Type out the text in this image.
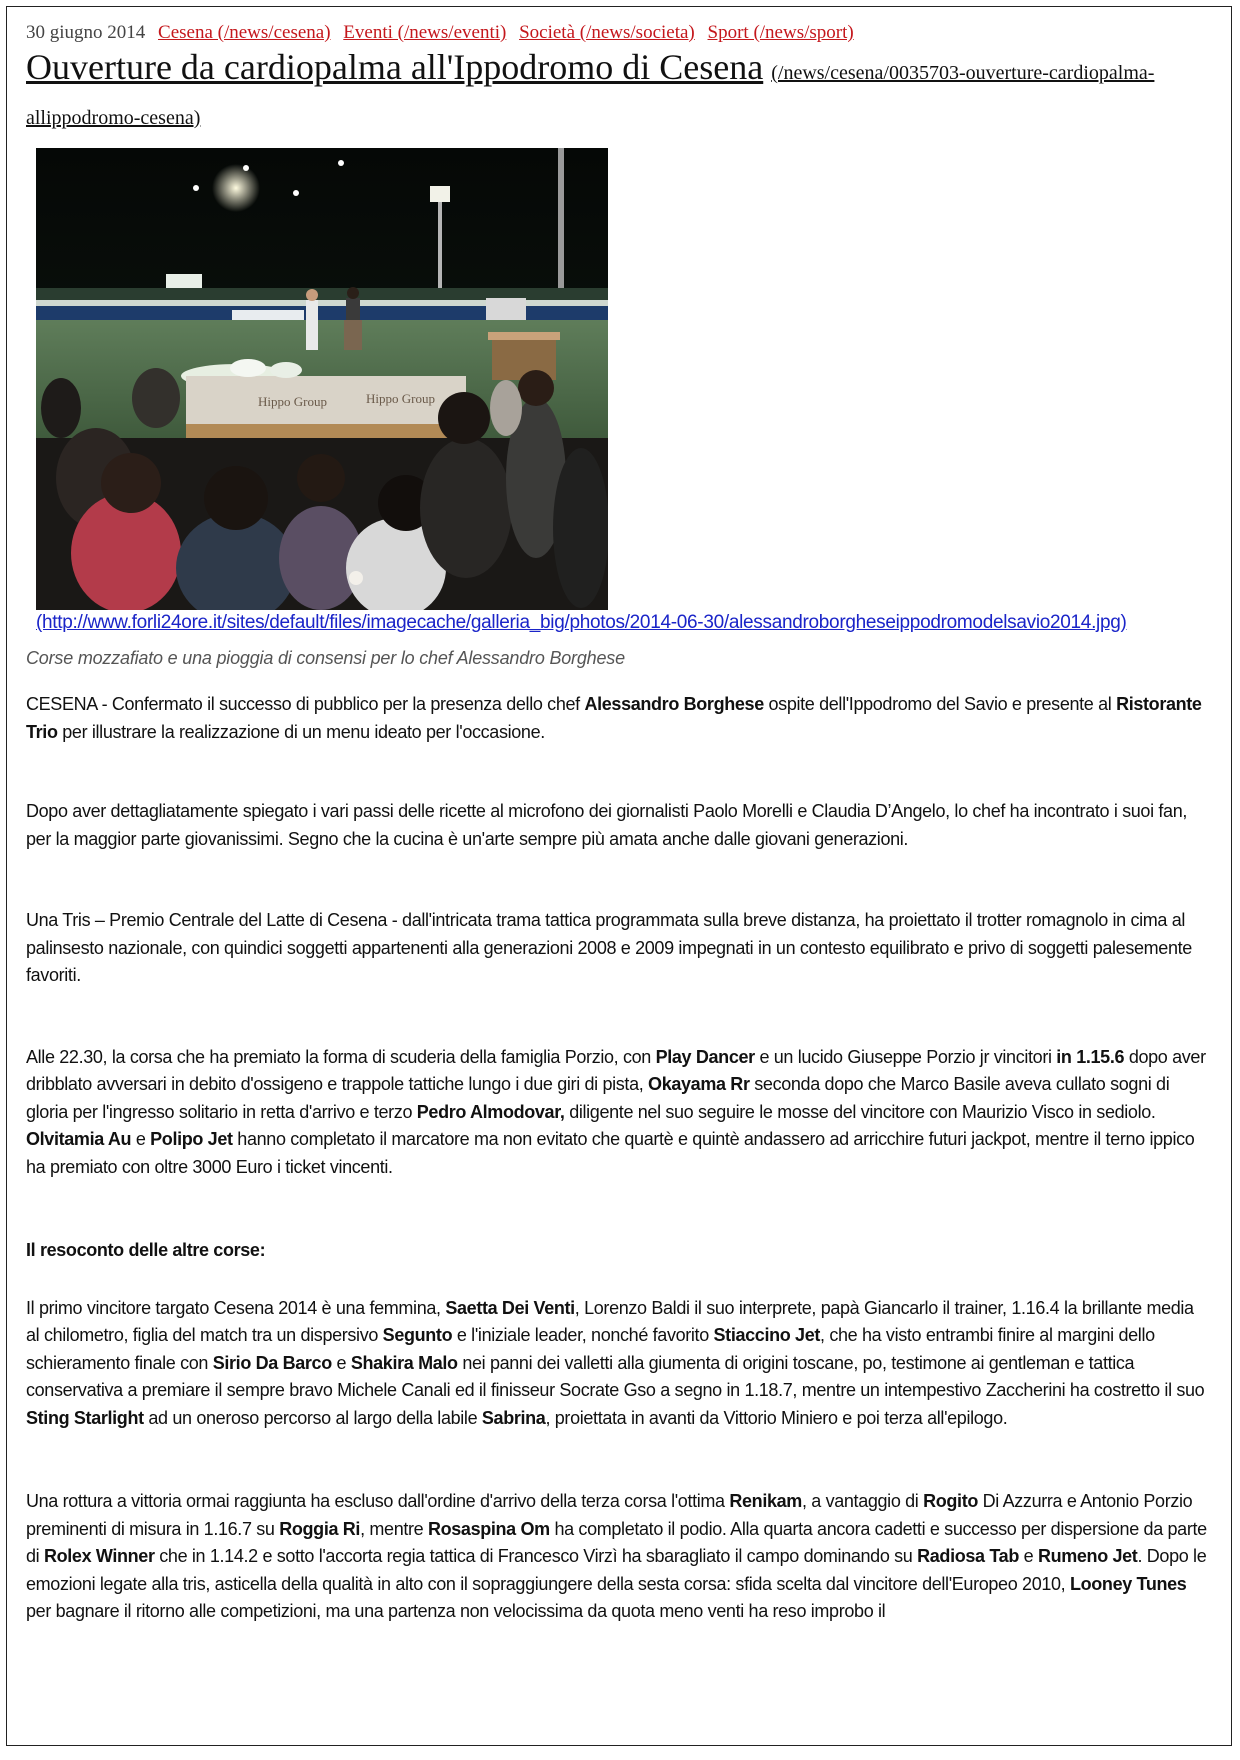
30 giugno 2014 Cesena (/news/cesena) Eventi (/news/eventi) Società (/news/societa) Sport (/news/sport)
Ouverture da cardiopalma all'Ippodromo di Cesena (/news/cesena/0035703-ouverture-cardiopalma-allippodromo-cesena)
Hippo Group	Hippo Group
(http://www.forli24ore.it/sites/default/files/imagecache/galleria_big/photos/2014-06-30/alessandroborgheseippodromodelsavio2014.jpg)
Corse mozzafiato e una pioggia di consensi per lo chef Alessandro Borghese

CESENA - Confermato il successo di pubblico per la presenza dello chef Alessandro Borghese ospite dell'Ippodromo del Savio e presente al Ristorante Trio per illustrare la realizzazione di un menu ideato per l'occasione.

Dopo aver dettagliatamente spiegato i vari passi delle ricette al microfono dei giornalisti Paolo Morelli e Claudia D’Angelo, lo chef ha incontrato i suoi fan, per la maggior parte giovanissimi. Segno che la cucina è un'arte sempre più amata anche dalle giovani generazioni.

Una Tris – Premio Centrale del Latte di Cesena - dall'intricata trama tattica programmata sulla breve distanza, ha proiettato il trotter romagnolo in cima al palinsesto nazionale, con quindici soggetti appartenenti alla generazioni 2008 e 2009 impegnati in un contesto equilibrato e privo di soggetti palesemente favoriti.

Alle 22.30, la corsa che ha premiato la forma di scuderia della famiglia Porzio, con Play Dancer e un lucido Giuseppe Porzio jr vincitori in 1.15.6 dopo aver dribblato avversari in debito d'ossigeno e trappole tattiche lungo i due giri di pista, Okayama Rr seconda dopo che Marco Basile aveva cullato sogni di gloria per l'ingresso solitario in retta d'arrivo e terzo Pedro Almodovar, diligente nel suo seguire le mosse del vincitore con Maurizio Visco in sediolo. Olvitamia Au e Polipo Jet hanno completato il marcatore ma non evitato che quartè e quintè andassero ad arricchire futuri jackpot, mentre il terno ippico ha premiato con oltre 3000 Euro i ticket vincenti.

Il resoconto delle altre corse:

Il primo vincitore targato Cesena 2014 è una femmina, Saetta Dei Venti, Lorenzo Baldi il suo interprete, papà Giancarlo il trainer, 1.16.4 la brillante media al chilometro, figlia del match tra un dispersivo Segunto e l'iniziale leader, nonché favorito Stiaccino Jet, che ha visto entrambi finire al margini dello schieramento finale con Sirio Da Barco e Shakira Malo nei panni dei valletti alla giumenta di origini toscane, po, testimone ai gentleman e tattica conservativa a premiare il sempre bravo Michele Canali ed il finisseur Socrate Gso a segno in 1.18.7, mentre un intempestivo Zaccherini ha costretto il suo Sting Starlight ad un oneroso percorso al largo della labile Sabrina, proiettata in avanti da Vittorio Miniero e poi terza all'epilogo.

Una rottura a vittoria ormai raggiunta ha escluso dall'ordine d'arrivo della terza corsa l'ottima Renikam, a vantaggio di Rogito Di Azzurra e Antonio Porzio preminenti di misura in 1.16.7 su Roggia Ri, mentre Rosaspina Om ha completato il podio. Alla quarta ancora cadetti e successo per dispersione da parte di Rolex Winner che in 1.14.2 e sotto l'accorta regia tattica di Francesco Virzì ha sbaragliato il campo dominando su Radiosa Tab e Rumeno Jet. Dopo le emozioni legate alla tris, asticella della qualità in alto con il sopraggiungere della sesta corsa: sfida scelta dal vincitore dell'Europeo 2010, Looney Tunes per bagnare il ritorno alle competizioni, ma una partenza non velocissima da quota meno venti ha reso improbo il
